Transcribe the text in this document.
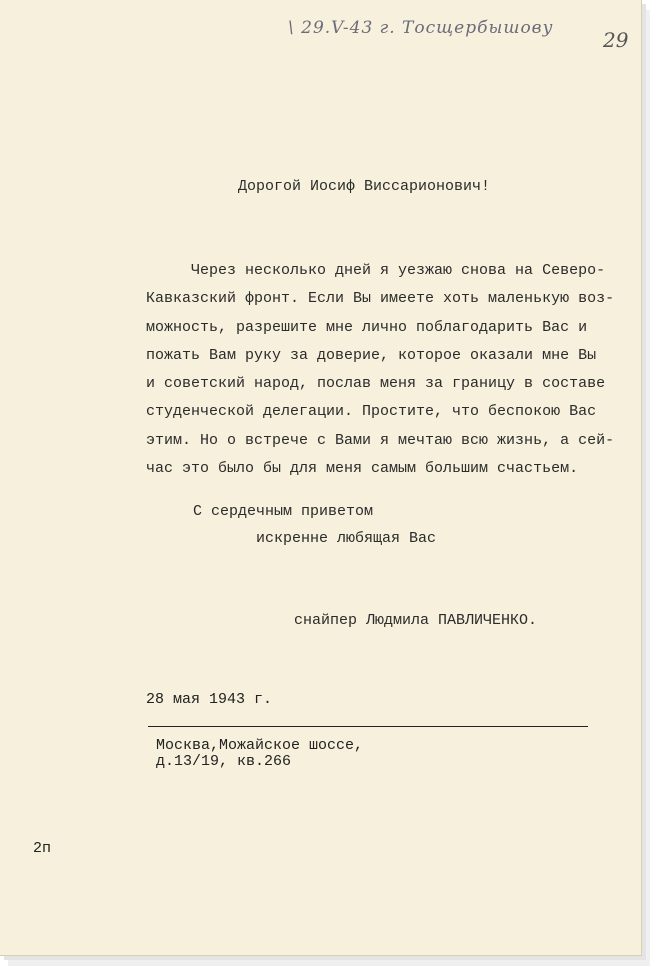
\ 29.V-43 г. Тосщербышову 29
Дорогой Иосиф Виссарионович!
Через несколько дней я уезжаю снова на Северо-
Кавказский фронт. Если Вы имеете хоть маленькую воз-
можность, разрешите мне лично поблагодарить Вас и
пожать Вам руку за доверие, которое оказали мне Вы
и советский народ, послав меня за границу в составе
студенческой делегации. Простите, что беспокою Вас
этим. Но о встрече с Вами я мечтаю всю жизнь, а сей-
час это было бы для меня самым большим счастьем.
С сердечным приветом
искренне любящая Вас
снайпер Людмила ПАВЛИЧЕНКО.
28 мая 1943 г.
Москва,Можайское шоссе,
д.13/19, кв.266
2п
